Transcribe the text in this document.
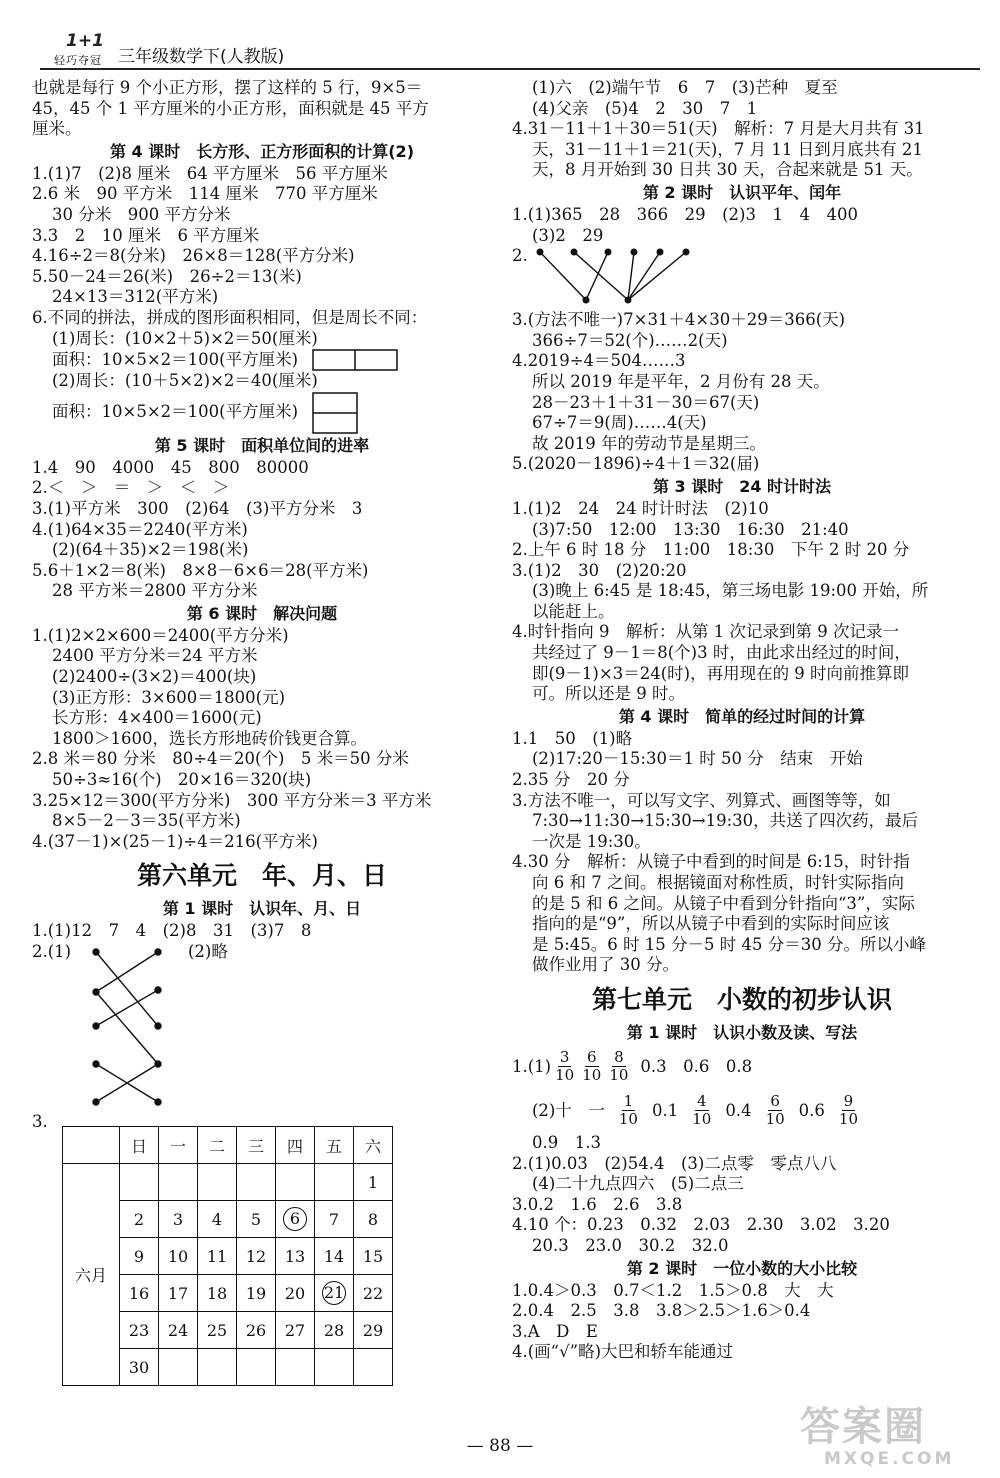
1+1
轻巧夺冠 三年级数学下(人教版)
也就是每行 9 个小正方形，摆了这样的 5 行，9×5＝
45，45 个 1 平方厘米的小正方形，面积就是 45 平方
厘米。
第 4 课时　长方形、正方形面积的计算(2)
1.(1)7　(2)8 厘米　64 平方厘米　56 平方厘米
2.6 米　90 平方米　114 厘米　770 平方厘米
30 分米　900 平方分米
3.3　2　10 厘米　6 平方厘米
4.16÷2＝8(分米)　26×8＝128(平方分米)
5.50－24＝26(米)　26÷2＝13(米)
24×13＝312(平方米)
6.不同的拼法，拼成的图形面积相同，但是周长不同：
(1)周长：(10×2＋5)×2＝50(厘米)
面积：10×5×2＝100(平方厘米)
(2)周长：(10＋5×2)×2＝40(厘米)
面积：10×5×2＝100(平方厘米)
第 5 课时　面积单位间的进率
1.4　90　4000　45　800　80000
2.＜　＞　＝　＞　＜　＞
3.(1)平方米　300　(2)64　(3)平方分米　3
4.(1)64×35＝2240(平方米)
(2)(64＋35)×2＝198(米)
5.6＋1×2＝8(米)　8×8－6×6＝28(平方米)
28 平方米＝2800 平方分米
第 6 课时　解决问题
1.(1)2×2×600＝2400(平方分米)
2400 平方分米＝24 平方米
(2)2400÷(3×2)＝400(块)
(3)正方形：3×600＝1800(元)
长方形：4×400＝1600(元)
1800＞1600，选长方形地砖价钱更合算。
2.8 米＝80 分米　80÷4＝20(个)　5 米＝50 分米
50÷3≈16(个)　20×16＝320(块)
3.25×12＝300(平方分米)　300 平方分米＝3 平方米
8×5－2－3＝35(平方米)
4.(37－1)×(25－1)÷4＝216(平方米)
第六单元　年、月、日
第 1 课时　认识年、月、日
1.(1)12　7　4　(2)8　31　(3)7　8
2.(1)	(2)略
3.
	日	一	二	三	四	五	六
六月							1
	2	3	4	5	6	7	8
	9	10	11	12	13	14	15
	16	17	18	19	20	21	22
	23	24	25	26	27	28	29
	30						
(1)六　(2)端午节　6　7　(3)芒种　夏至
(4)父亲　(5)4　2　30　7　1
4.31－11＋1＋30＝51(天)　解析：7 月是大月共有 31
天，31－11＋1＝21(天)，7 月 11 日到月底共有 21
天，8 月开始到 30 日共 30 天，合起来就是 51 天。
第 2 课时　认识平年、闰年
1.(1)365　28　366　29　(2)3　1　4　400
(3)2　29
2.
3.(方法不唯一)7×31＋4×30＋29＝366(天)
366÷7＝52(个)……2(天)
4.2019÷4＝504……3
所以 2019 年是平年，2 月份有 28 天。
28－23＋1＋31－30＝67(天)
67÷7＝9(周)……4(天)
故 2019 年的劳动节是星期三。
5.(2020－1896)÷4＋1＝32(届)
第 3 课时　24 时计时法
1.(1)2　24　24 时计时法　(2)10
(3)7:50　12:00　13:30　16:30　21:40
2.上午 6 时 18 分　11:00　18:30　下午 2 时 20 分
3.(1)2　30　(2)20:20
(3)晚上 6:45 是 18:45，第三场电影 19:00 开始，所
以能赶上。
4.时针指向 9　解析：从第 1 次记录到第 9 次记录一
共经过了 9－1＝8(个)3 时，由此求出经过的时间，
即(9－1)×3＝24(时)，再用现在的 9 时向前推算即
可。所以还是 9 时。
第 4 课时　简单的经过时间的计算
1.1　50　(1)略
(2)17:20－15:30＝1 时 50 分　结束　开始
2.35 分　20 分
3.方法不唯一，可以写文字、列算式、画图等等，如
7:30→11:30→15:30→19:30，共送了四次药，最后
一次是 19:30。
4.30 分　解析：从镜子中看到的时间是 6:15，时针指
向 6 和 7 之间。根据镜面对称性质，时针实际指向
的是 5 和 6 之间。从镜子中看到分针指向“3”，实际
指向的是“9”，所以从镜子中看到的实际时间应该
是 5:45。6 时 15 分－5 时 45 分＝30 分。所以小峰
做作业用了 30 分。
第七单元　小数的初步认识
第 1 课时　认识小数及读、写法
$1.(1) \frac{3}{10} \frac{6}{10} \frac{8}{10} 0.3$　0.6　0.8
(2)十　一 $\frac{1}{10} 0.1 \frac{4}{10} 0.4 \frac{6}{10} 0.6 \frac{9}{10}$
0.9　1.3
2.(1)0.03　(2)54.4　(3)二点零　零点八八
(4)二十九点四六　(5)二点三
3.0.2　1.6　2.6　3.8
4.10 个：0.23　0.32　2.03　2.30　3.02　3.20
20.3　23.0　30.2　32.0
第 2 课时　一位小数的大小比较
1.0.4＞0.3　0.7＜1.2　1.5＞0.8　大　大
2.0.4　2.5　3.8　3.8＞2.5＞1.6＞0.4
3.A　D　E
4.(画“√”略)大巴和轿车能通过
— 88 —	答案圈
MXQE.COM
